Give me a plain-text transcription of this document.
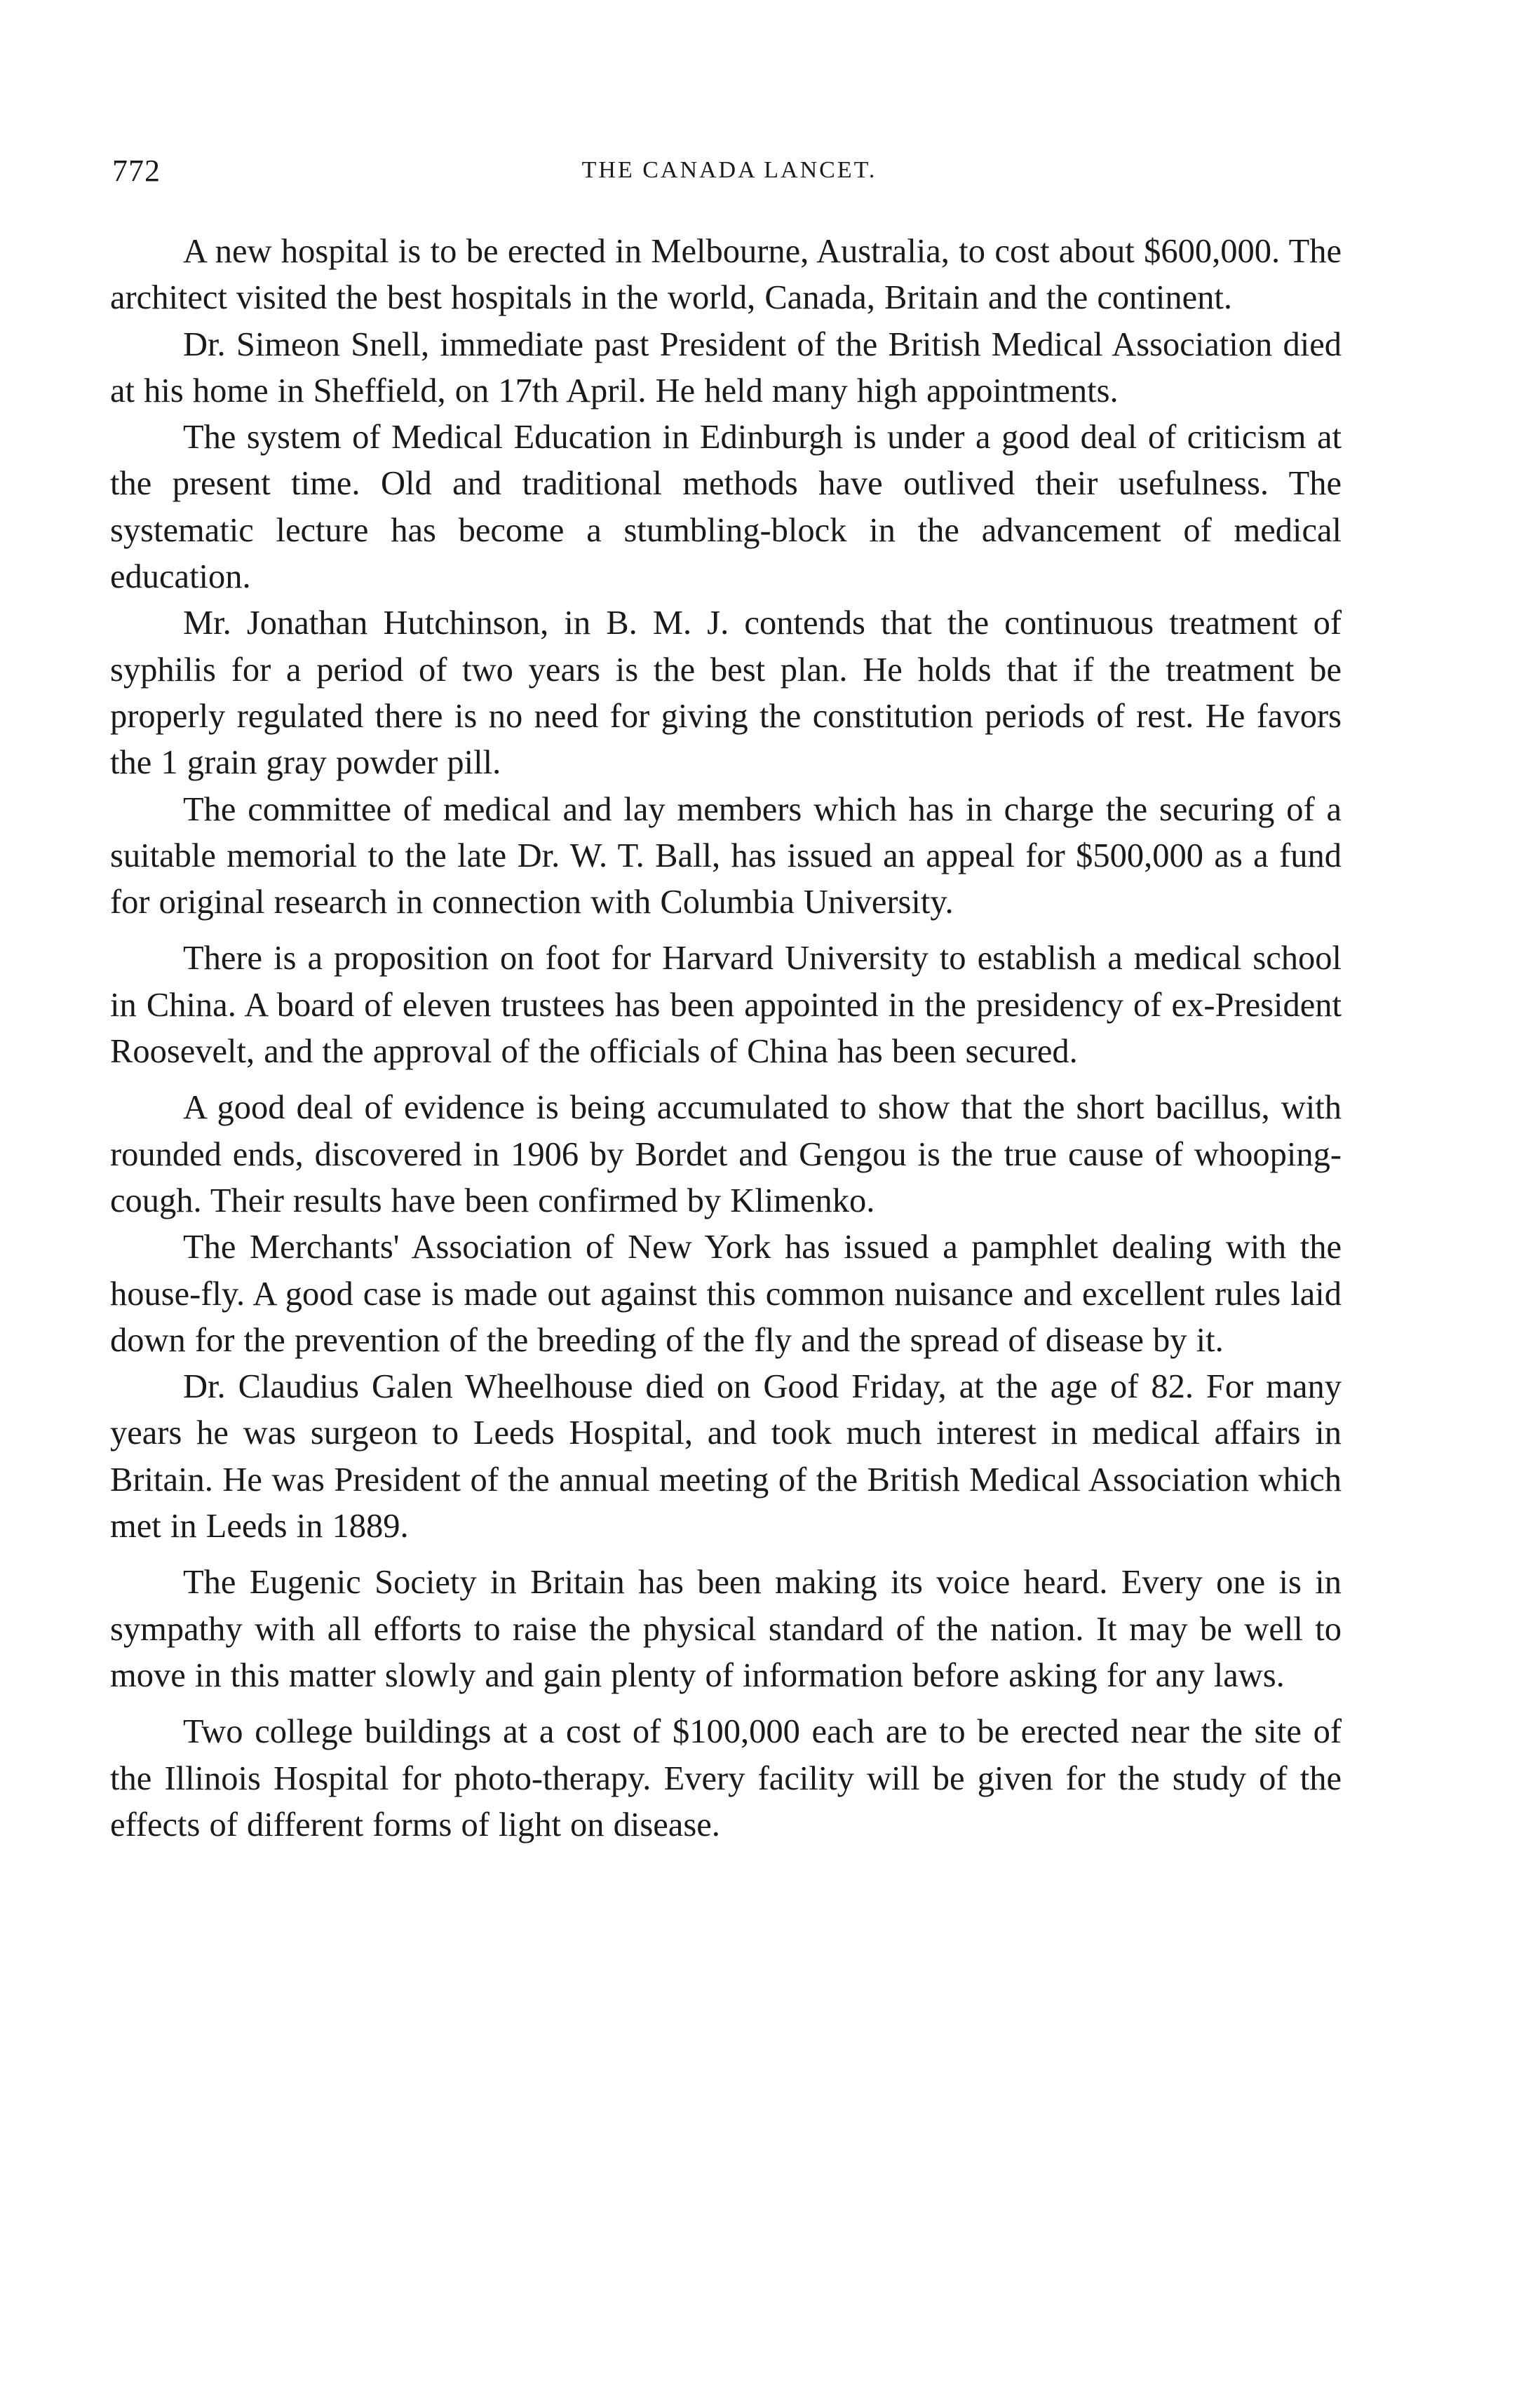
772	THE CANADA LANCET.

A new hospital is to be erected in Melbourne, Australia, to cost about $600,000. The architect visited the best hospitals in the world, Canada, Britain and the continent.

Dr. Simeon Snell, immediate past President of the British Medical Association died at his home in Sheffield, on 17th April. He held many high appointments.

The system of Medical Education in Edinburgh is under a good deal of criticism at the present time. Old and traditional methods have outlived their usefulness. The systematic lecture has become a stumbling-block in the advancement of medical education.

Mr. Jonathan Hutchinson, in B. M. J. contends that the continuous treatment of syphilis for a period of two years is the best plan. He holds that if the treatment be properly regulated there is no need for giving the constitution periods of rest. He favors the 1 grain gray powder pill.

The committee of medical and lay members which has in charge the securing of a suitable memorial to the late Dr. W. T. Ball, has issued an appeal for $500,000 as a fund for original research in connection with Columbia University.

There is a proposition on foot for Harvard University to establish a medical school in China. A board of eleven trustees has been appointed in the presidency of ex-President Roosevelt, and the approval of the officials of China has been secured.

A good deal of evidence is being accumulated to show that the short bacillus, with rounded ends, discovered in 1906 by Bordet and Gengou is the true cause of whooping-cough. Their results have been confirmed by Klimenko.

The Merchants' Association of New York has issued a pamphlet dealing with the house-fly. A good case is made out against this common nuisance and excellent rules laid down for the prevention of the breeding of the fly and the spread of disease by it.

Dr. Claudius Galen Wheelhouse died on Good Friday, at the age of 82. For many years he was surgeon to Leeds Hospital, and took much interest in medical affairs in Britain. He was President of the annual meeting of the British Medical Association which met in Leeds in 1889.

The Eugenic Society in Britain has been making its voice heard. Every one is in sympathy with all efforts to raise the physical standard of the nation. It may be well to move in this matter slowly and gain plenty of information before asking for any laws.

Two college buildings at a cost of $100,000 each are to be erected near the site of the Illinois Hospital for photo-therapy. Every facility will be given for the study of the effects of different forms of light on disease.
